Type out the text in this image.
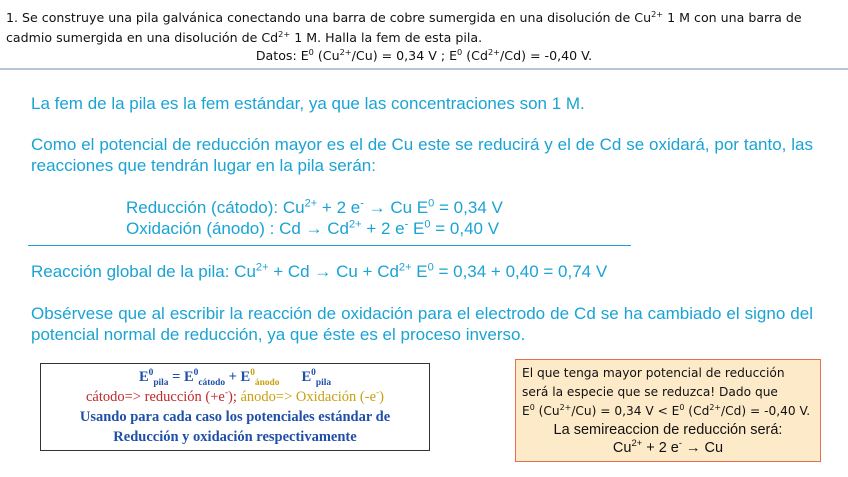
1. Se construye una pila galvánica conectando una barra de cobre sumergida en una disolución de $Cu^{2+}$ 1 M con una barra de cadmio sumergida en una disolución de $Cd^{2+}$ 1 M. Halla la fem de esta pila.
Datos: $E^0$ $(Cu^{2+}/Cu) = 0,34$ V ; $E^0$ $(Cd^{2+}/Cd) = -0,40$ V.
La fem de la pila es la fem estándar, ya que las concentraciones son 1 M.
Como el potencial de reducción mayor es el de Cu este se reducirá y el de Cd se oxidará, por tanto, las reacciones que tendrán lugar en la pila serán:
Reducción (cátodo): $Cu^{2+} + 2$ e- → Cu $E^0 = 0,34$ V
Oxidación (ánodo) : $Cd \to Cd^{2+} + 2$ e- $E^0 = 0,40$ V
Reacción global de la pila: $Cu^{2+} + Cd \to Cu + Cd^{2+}$ $E^0 = 0,34 + 0,40 = 0,74$ V
Obsérvese que al escribir la reacción de oxidación para el electrodo de Cd se ha cambiado el signo del potencial normal de reducción, ya que éste es el proceso inverso.
$E^0_{pila} = E^0_{cátodo} + E^0_{ánodo}$ $E^0_{pila}$
cátodo=> reducción (+e-); ánodo=> Oxidación (-e-)
Usando para cada caso los potenciales estándar de
Reducción y oxidación respectivamente
El que tenga mayor potencial de reducción
será la especie que se reduzca! Dado que
$E^0$ $(Cu^{2+}/Cu) = 0,34$ $V < E^0$ $(Cd^{2+}/Cd) = -0,40$ V.
La semireaccion de reducción será:
$Cu^{2+} + 2$ e- → Cu
